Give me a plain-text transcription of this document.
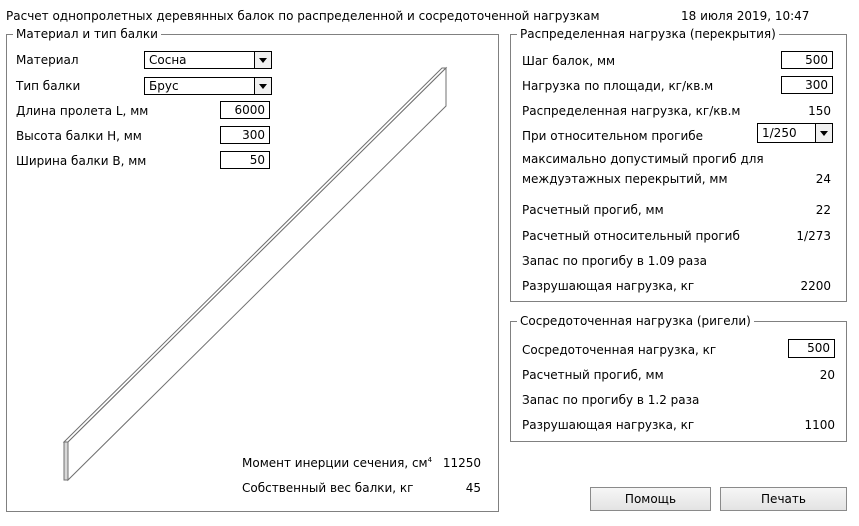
Расчет однопролетных деревянных балок по распределенной и сосредоточенной нагрузкам	18 июля 2019, 10:47
Материал и тип балки
Материал	Сосна
Тип балки	Брус
Длина пролета L, мм	6000
Высота балки H, мм	300
Ширина балки B, мм	50
Момент инерции сечения, $см^4$ 11250
Собственный вес балки, кг	45
Распределенная нагрузка (перекрытия)
Шаг балок, мм	500
Нагрузка по площади, кг/кв.м	300
Распределенная нагрузка, кг/кв.м	150
При относительном прогибе	1/250
максимально допустимый прогиб для
междуэтажных перекрытий, мм	24
Расчетный прогиб, мм	22
Расчетный относительный прогиб	1/273
Запас по прогибу в 1.09 раза
Разрушающая нагрузка, кг	2200
Сосредоточенная нагрузка (ригели)
Сосредоточенная нагрузка, кг	500
Расчетный прогиб, мм	20
Запас по прогибу в 1.2 раза
Разрушающая нагрузка, кг	1100
Помощь	Печать
